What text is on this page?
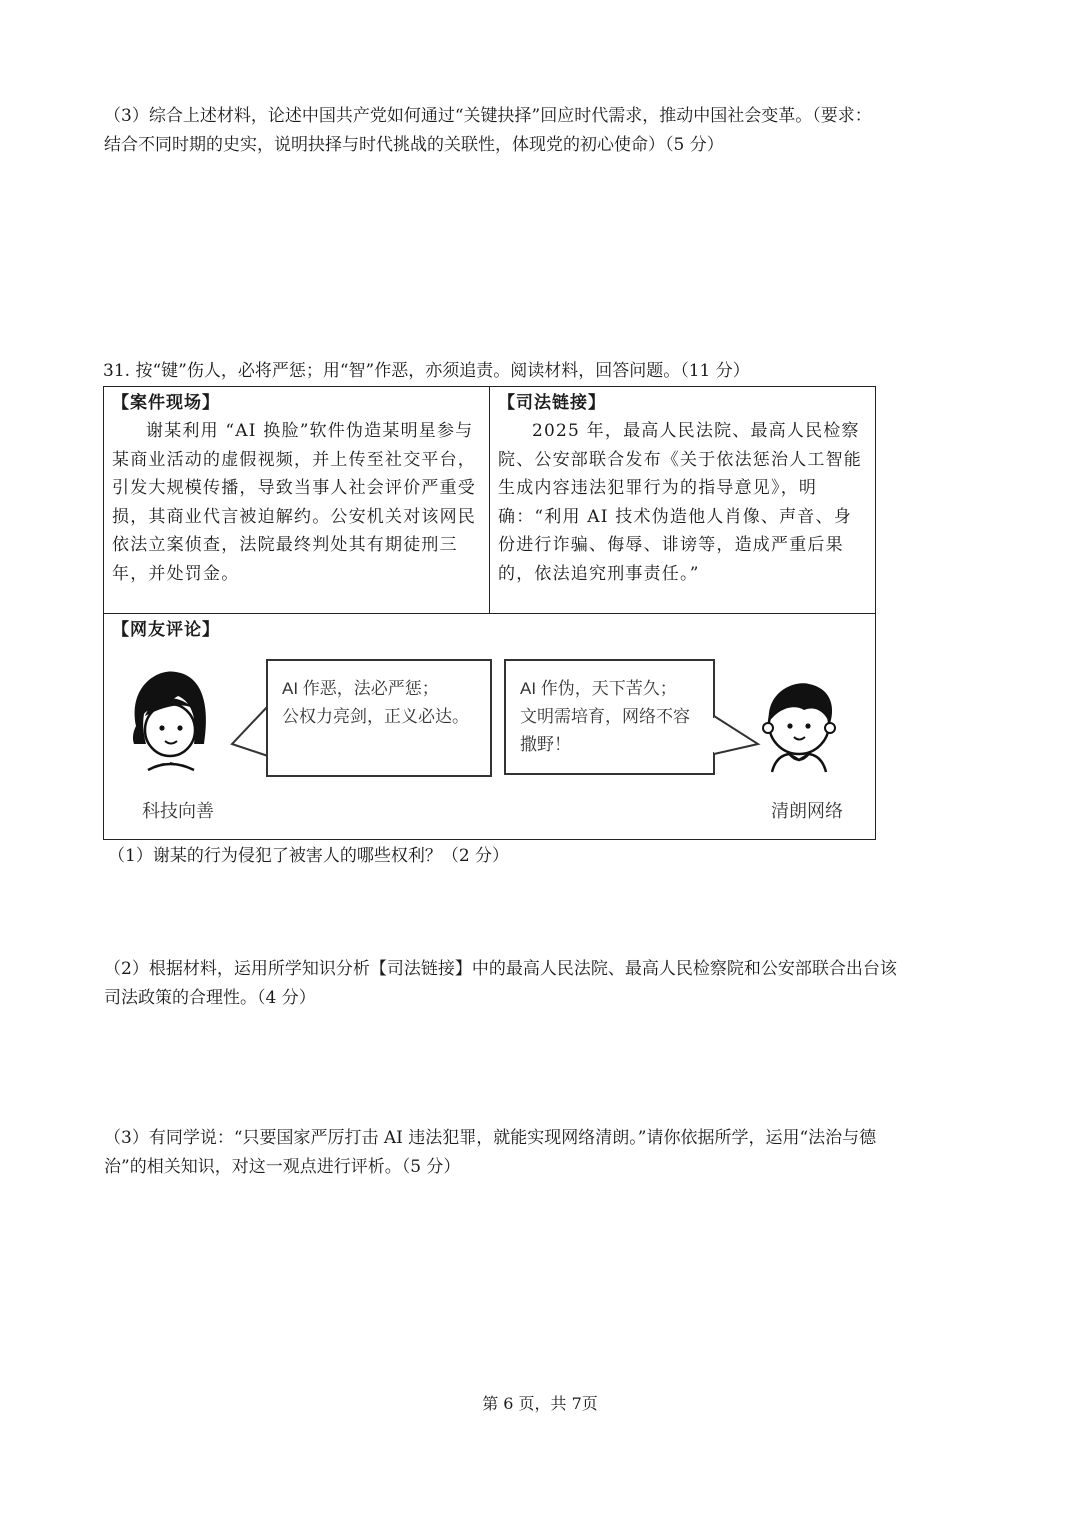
（3）综合上述材料，论述中国共产党如何通过“关键抉择”回应时代需求，推动中国社会变革。（要求：
结合不同时期的史实，说明抉择与时代挑战的关联性，体现党的初心使命）（5 分）
31. 按“键”伤人，必将严惩；用“智”作恶，亦须追责。阅读材料，回答问题。（11 分）
【案件现场】
谢某利用 “AI 换脸”软件伪造某明星参与某商业活动的虚假视频，并上传至社交平台，引发大规模传播，导致当事人社会评价严重受损，其商业代言被迫解约。公安机关对该网民依法立案侦查，法院最终判处其有期徒刑三年，并处罚金。
【司法链接】
2025 年，最高人民法院、最高人民检察院、公安部联合发布《关于依法惩治人工智能生成内容违法犯罪行为的指导意见》，明确：“利用 AI 技术伪造他人肖像、声音、身份进行诈骗、侮辱、诽谤等，造成严重后果的，依法追究刑事责任。”
【网友评论】
AI 作恶，法必严惩；
公权力亮剑，正义必达。
AI 作伪，天下苦久；
文明需培育，网络不容
撒野！
科技向善	清朗网络
（1）谢某的行为侵犯了被害人的哪些权利？（2 分）
（2）根据材料，运用所学知识分析【司法链接】中的最高人民法院、最高人民检察院和公安部联合出台该
司法政策的合理性。（4 分）
（3）有同学说：“只要国家严厉打击 AI 违法犯罪，就能实现网络清朗。”请你依据所学，运用“法治与德
治”的相关知识，对这一观点进行评析。（5 分）
第 6 页，共 7页
